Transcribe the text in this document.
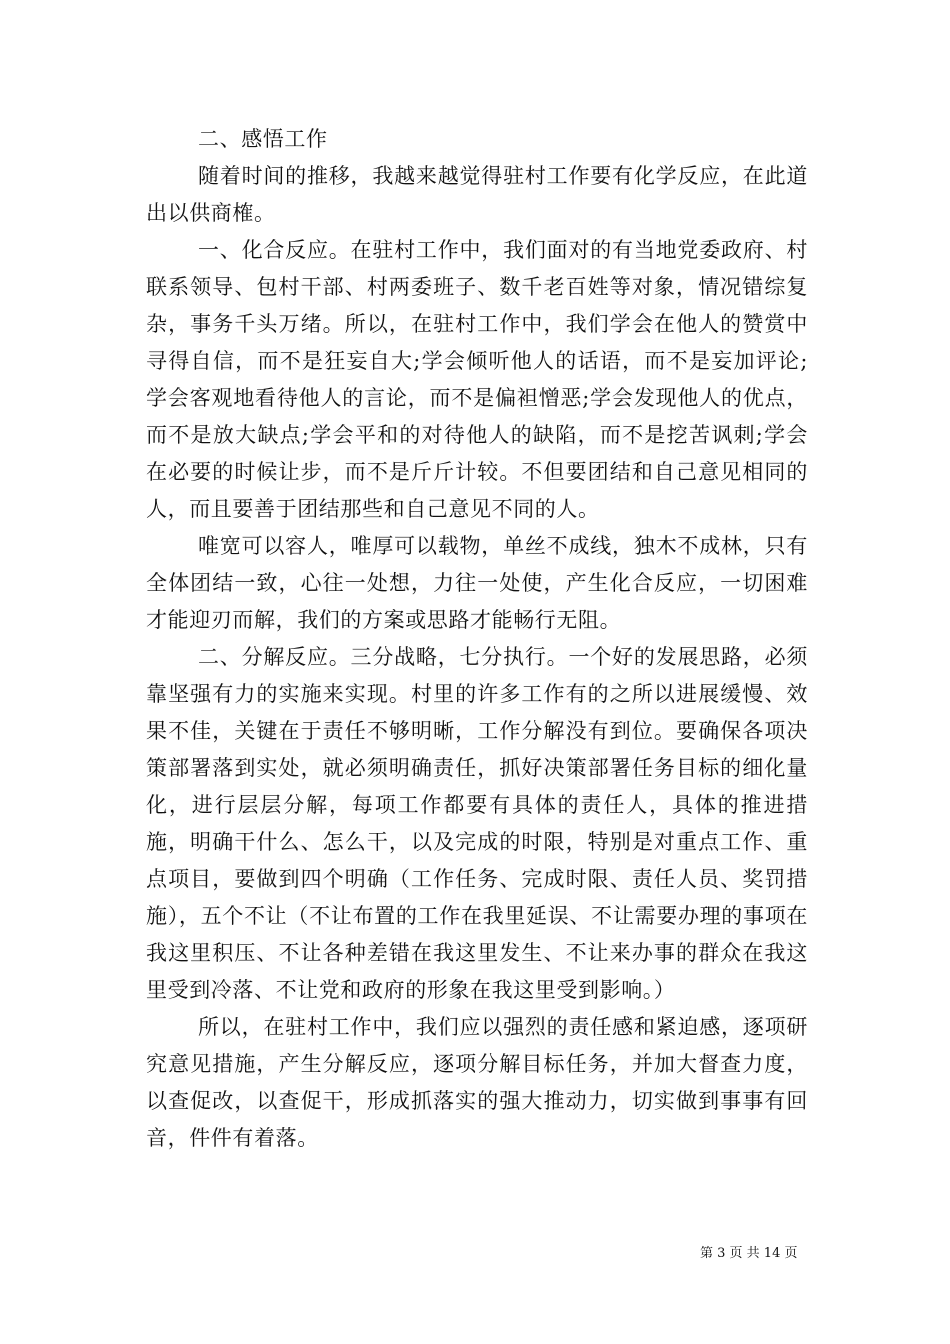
二、感悟工作

随着时间的推移，我越来越觉得驻村工作要有化学反应，在此道出以供商榷。

一、化合反应。在驻村工作中，我们面对的有当地党委政府、村联系领导、包村干部、村两委班子、数千老百姓等对象，情况错综复杂，事务千头万绪。所以，在驻村工作中，我们学会在他人的赞赏中寻得自信，而不是狂妄自大;学会倾听他人的话语，而不是妄加评论;学会客观地看待他人的言论，而不是偏袒憎恶;学会发现他人的优点，而不是放大缺点;学会平和的对待他人的缺陷，而不是挖苦讽刺;学会在必要的时候让步，而不是斤斤计较。不但要团结和自己意见相同的人，而且要善于团结那些和自己意见不同的人。

唯宽可以容人，唯厚可以载物，单丝不成线，独木不成林，只有全体团结一致，心往一处想，力往一处使，产生化合反应，一切困难才能迎刃而解，我们的方案或思路才能畅行无阻。

二、分解反应。三分战略，七分执行。一个好的发展思路，必须靠坚强有力的实施来实现。村里的许多工作有的之所以进展缓慢、效果不佳，关键在于责任不够明晰，工作分解没有到位。要确保各项决策部署落到实处，就必须明确责任，抓好决策部署任务目标的细化量化，进行层层分解，每项工作都要有具体的责任人，具体的推进措施，明确干什么、怎么干，以及完成的时限，特别是对重点工作、重点项目，要做到四个明确（工作任务、完成时限、责任人员、奖罚措施），五个不让（不让布置的工作在我里延误、不让需要办理的事项在我这里积压、不让各种差错在我这里发生、不让来办事的群众在我这里受到冷落、不让党和政府的形象在我这里受到影响。）

所以，在驻村工作中，我们应以强烈的责任感和紧迫感，逐项研究意见措施，产生分解反应，逐项分解目标任务，并加大督查力度，以查促改，以查促干，形成抓落实的强大推动力，切实做到事事有回音，件件有着落。

第 3 页 共 14 页
